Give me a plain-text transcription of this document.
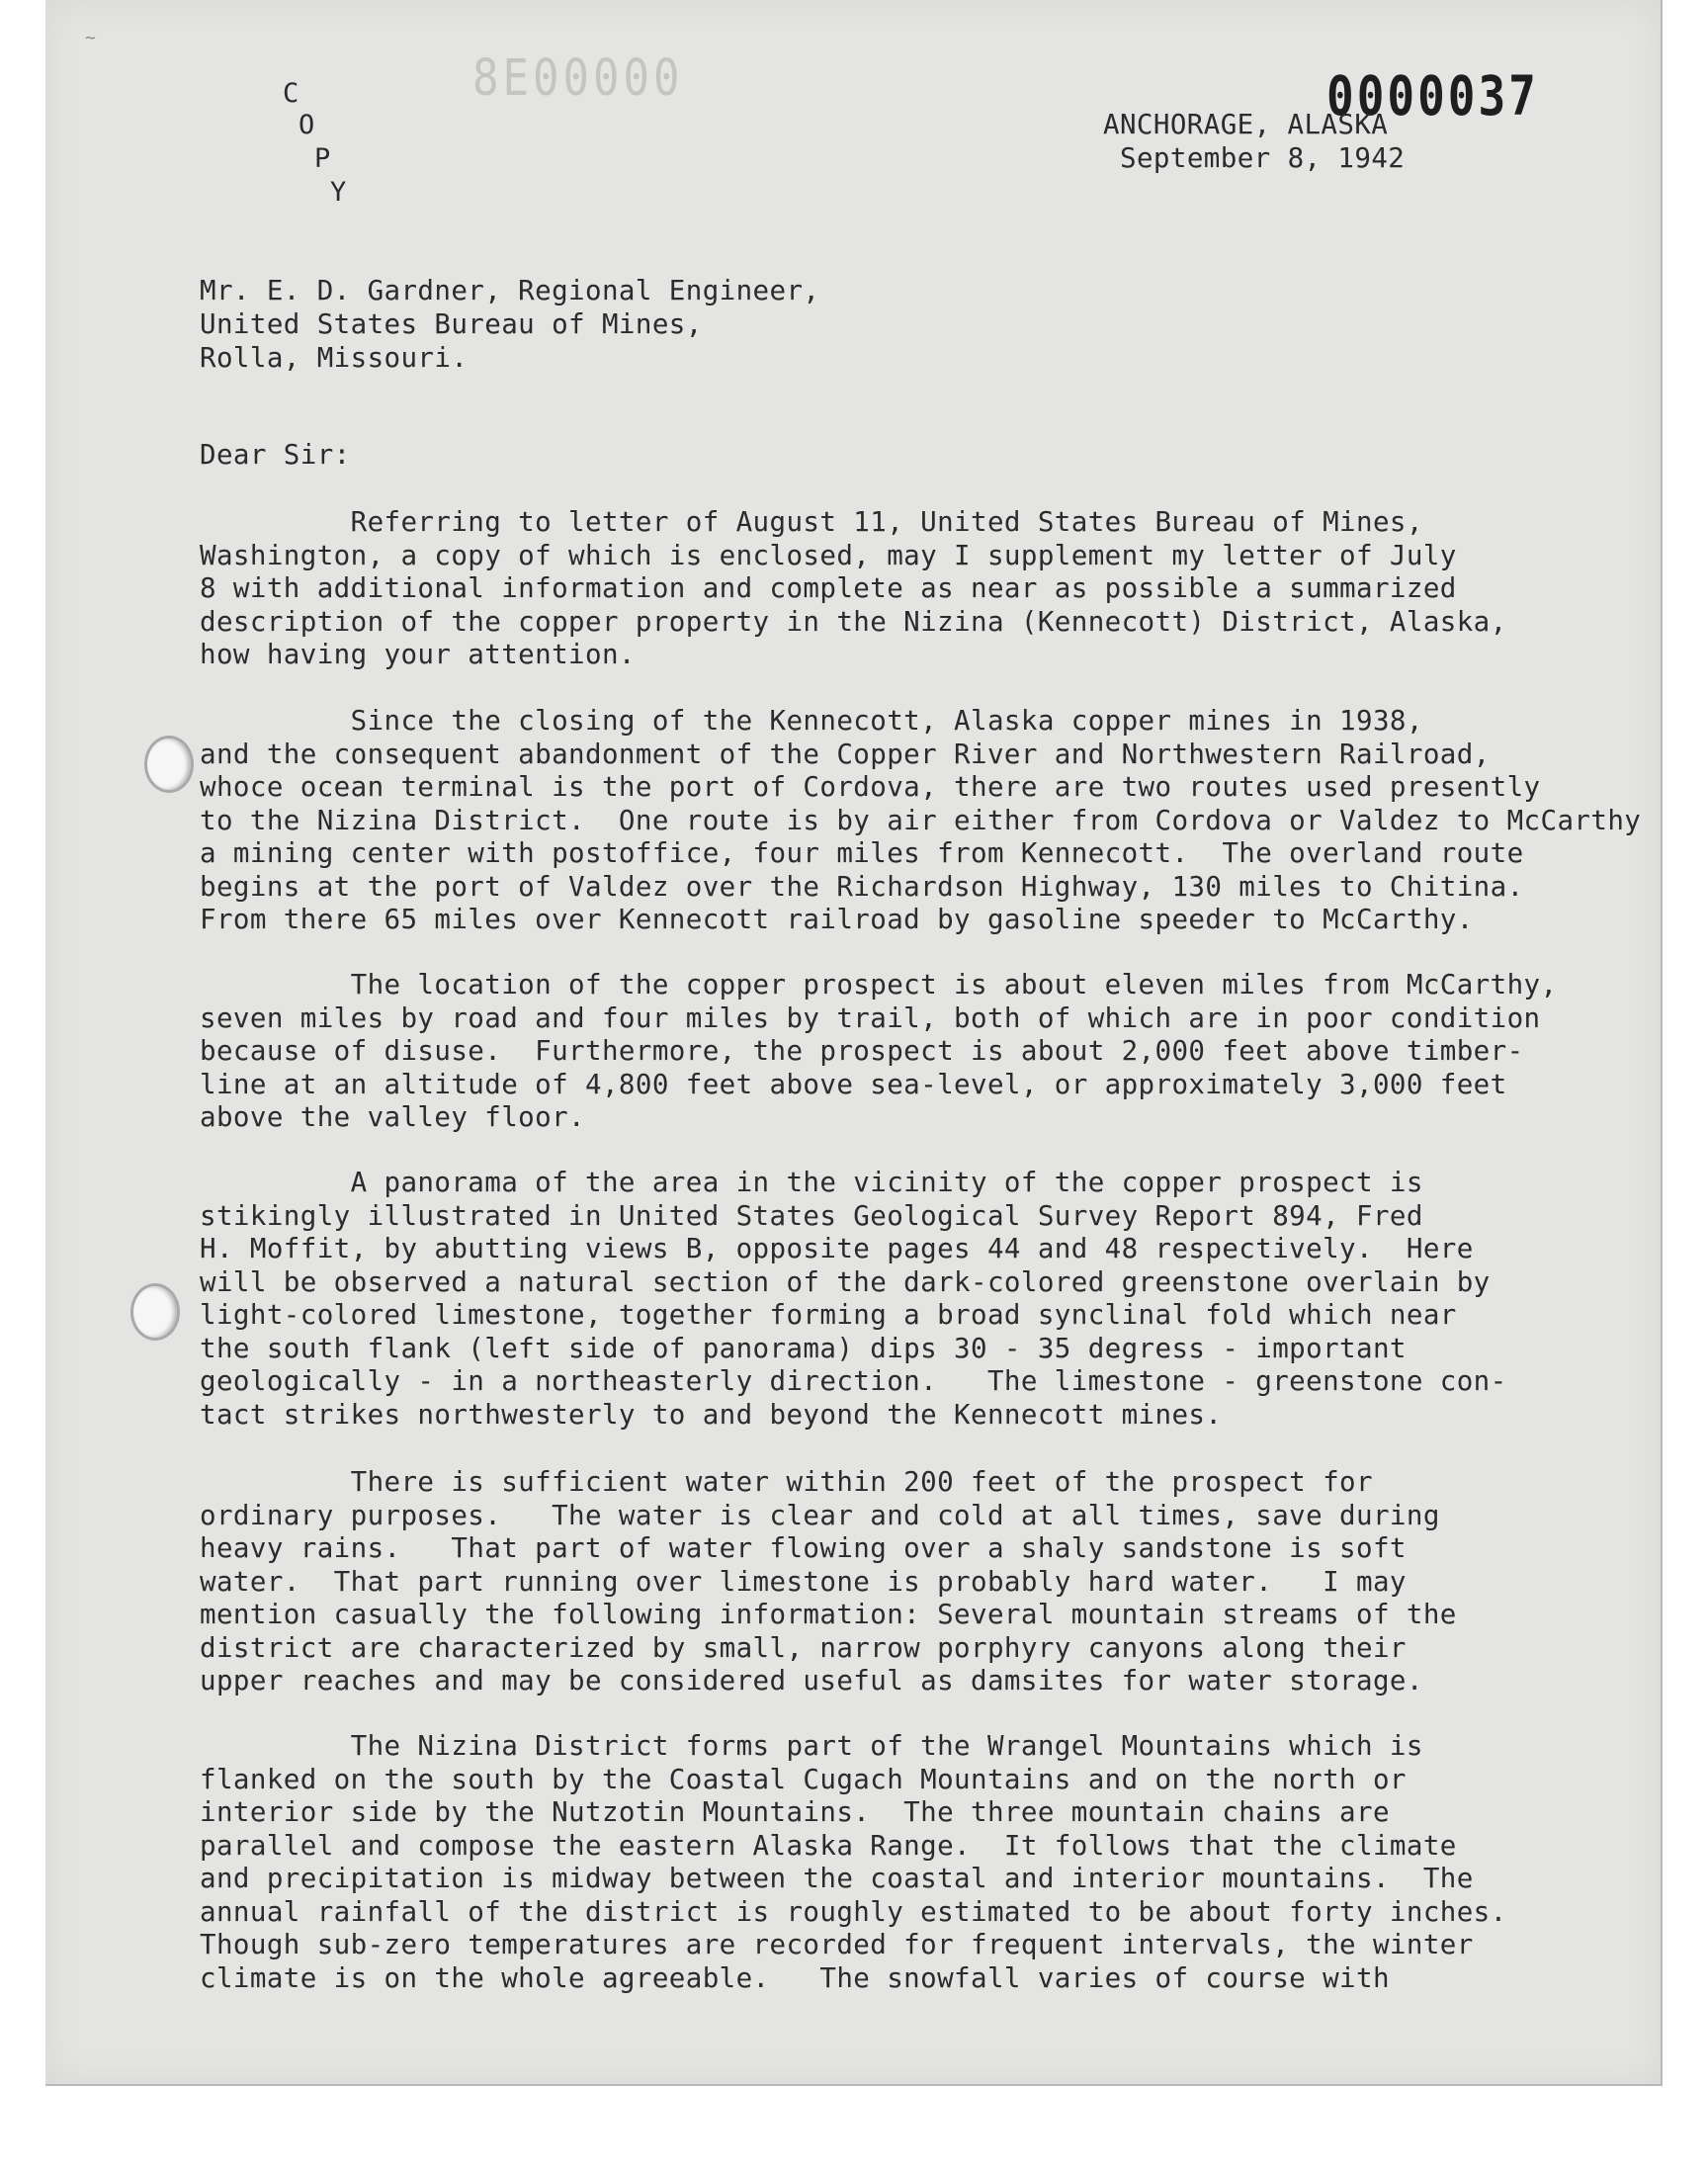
~
C
O
P
Y
8E00000	0000037
ANCHORAGE, ALASKA
September 8, 1942
Mr. E. D. Gardner, Regional Engineer,
United States Bureau of Mines,
Rolla, Missouri.
Dear Sir:
Referring to letter of August 11, United States Bureau of Mines,
Washington, a copy of which is enclosed, may I supplement my letter of July
8 with additional information and complete as near as possible a summarized
description of the copper property in the Nizina (Kennecott) District, Alaska,
how having your attention.
Since the closing of the Kennecott, Alaska copper mines in 1938,
and the consequent abandonment of the Copper River and Northwestern Railroad,
whoce ocean terminal is the port of Cordova, there are two routes used presently
to the Nizina District.  One route is by air either from Cordova or Valdez to McCarthy
a mining center with postoffice, four miles from Kennecott.  The overland route
begins at the port of Valdez over the Richardson Highway, 130 miles to Chitina.
From there 65 miles over Kennecott railroad by gasoline speeder to McCarthy.
The location of the copper prospect is about eleven miles from McCarthy,
seven miles by road and four miles by trail, both of which are in poor condition
because of disuse.  Furthermore, the prospect is about 2,000 feet above timber-
line at an altitude of 4,800 feet above sea-level, or approximately 3,000 feet
above the valley floor.
A panorama of the area in the vicinity of the copper prospect is
stikingly illustrated in United States Geological Survey Report 894, Fred
H. Moffit, by abutting views B, opposite pages 44 and 48 respectively.  Here
will be observed a natural section of the dark-colored greenstone overlain by
light-colored limestone, together forming a broad synclinal fold which near
the south flank (left side of panorama) dips 30 - 35 degress - important
geologically - in a northeasterly direction.   The limestone - greenstone con-
tact strikes northwesterly to and beyond the Kennecott mines.
There is sufficient water within 200 feet of the prospect for
ordinary purposes.   The water is clear and cold at all times, save during
heavy rains.   That part of water flowing over a shaly sandstone is soft
water.  That part running over limestone is probably hard water.   I may
mention casually the following information: Several mountain streams of the
district are characterized by small, narrow porphyry canyons along their
upper reaches and may be considered useful as damsites for water storage.
The Nizina District forms part of the Wrangel Mountains which is
flanked on the south by the Coastal Cugach Mountains and on the north or
interior side by the Nutzotin Mountains.  The three mountain chains are
parallel and compose the eastern Alaska Range.  It follows that the climate
and precipitation is midway between the coastal and interior mountains.  The
annual rainfall of the district is roughly estimated to be about forty inches.
Though sub-zero temperatures are recorded for frequent intervals, the winter
climate is on the whole agreeable.   The snowfall varies of course with
